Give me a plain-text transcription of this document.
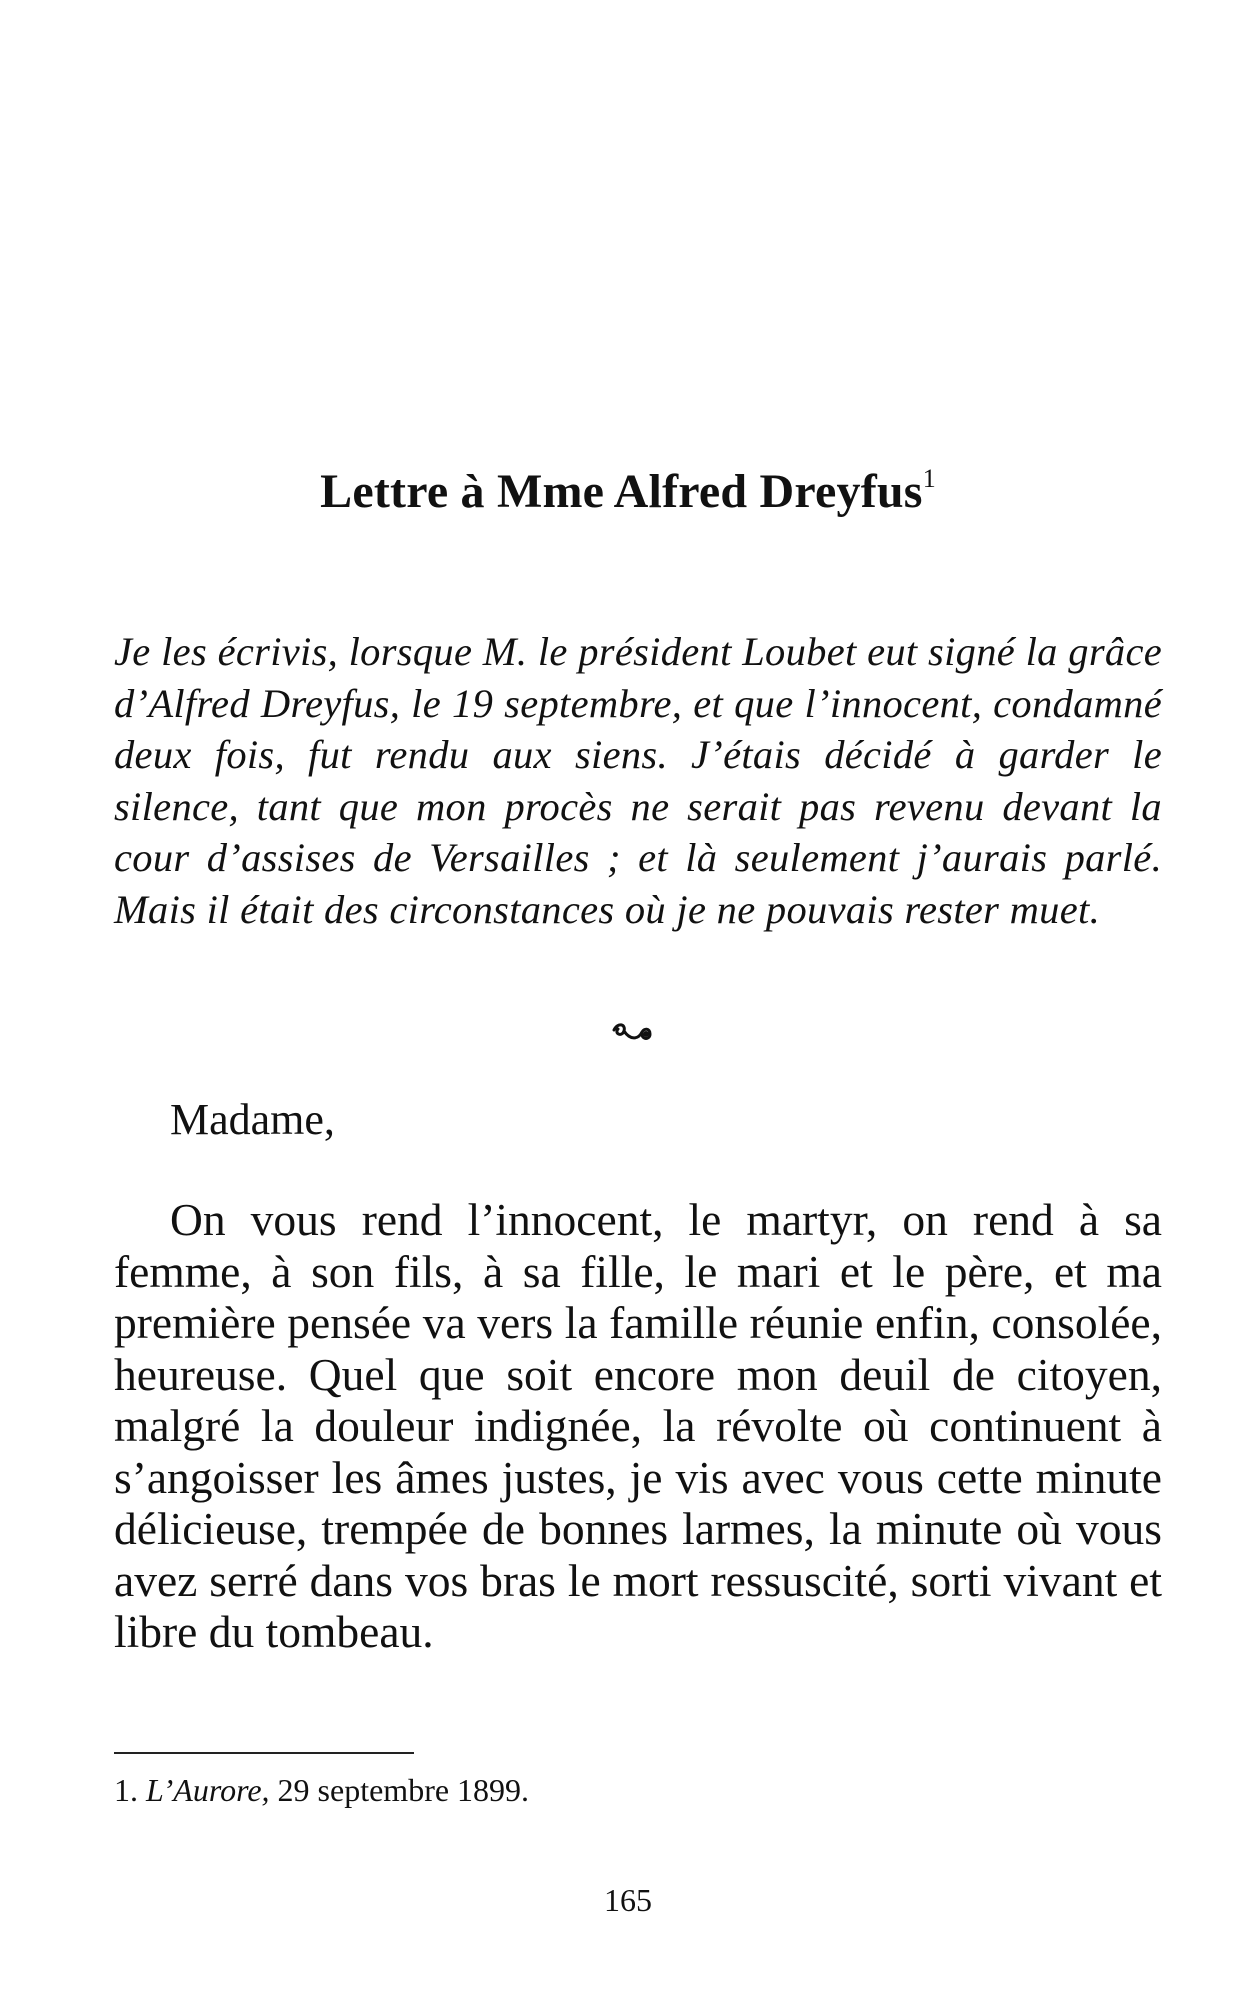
Lettre à Mme Alfred Dreyfus$^1$
Je les écrivis, lorsque M. le président Loubet eut signé la grâce d’Alfred Dreyfus, le 19 septembre, et que l’innocent, condamné deux fois, fut rendu aux siens. J’étais décidé à garder le silence, tant que mon procès ne serait pas revenu devant la cour d’assises de Versailles ; et là seulement j’aurais parlé. Mais il était des circonstances où je ne pouvais rester muet.
Madame,
On vous rend l’innocent, le martyr, on rend à sa femme, à son fils, à sa fille, le mari et le père, et ma première pensée va vers la famille réunie enfin, consolée, heureuse. Quel que soit encore mon deuil de citoyen, malgré la douleur indignée, la révolte où continuent à s’angoisser les âmes justes, je vis avec vous cette minute délicieuse, trempée de bonnes larmes, la minute où vous avez serré dans vos bras le mort ressuscité, sorti vivant et libre du tombeau.
1. L’Aurore, 29 septembre 1899.
165
